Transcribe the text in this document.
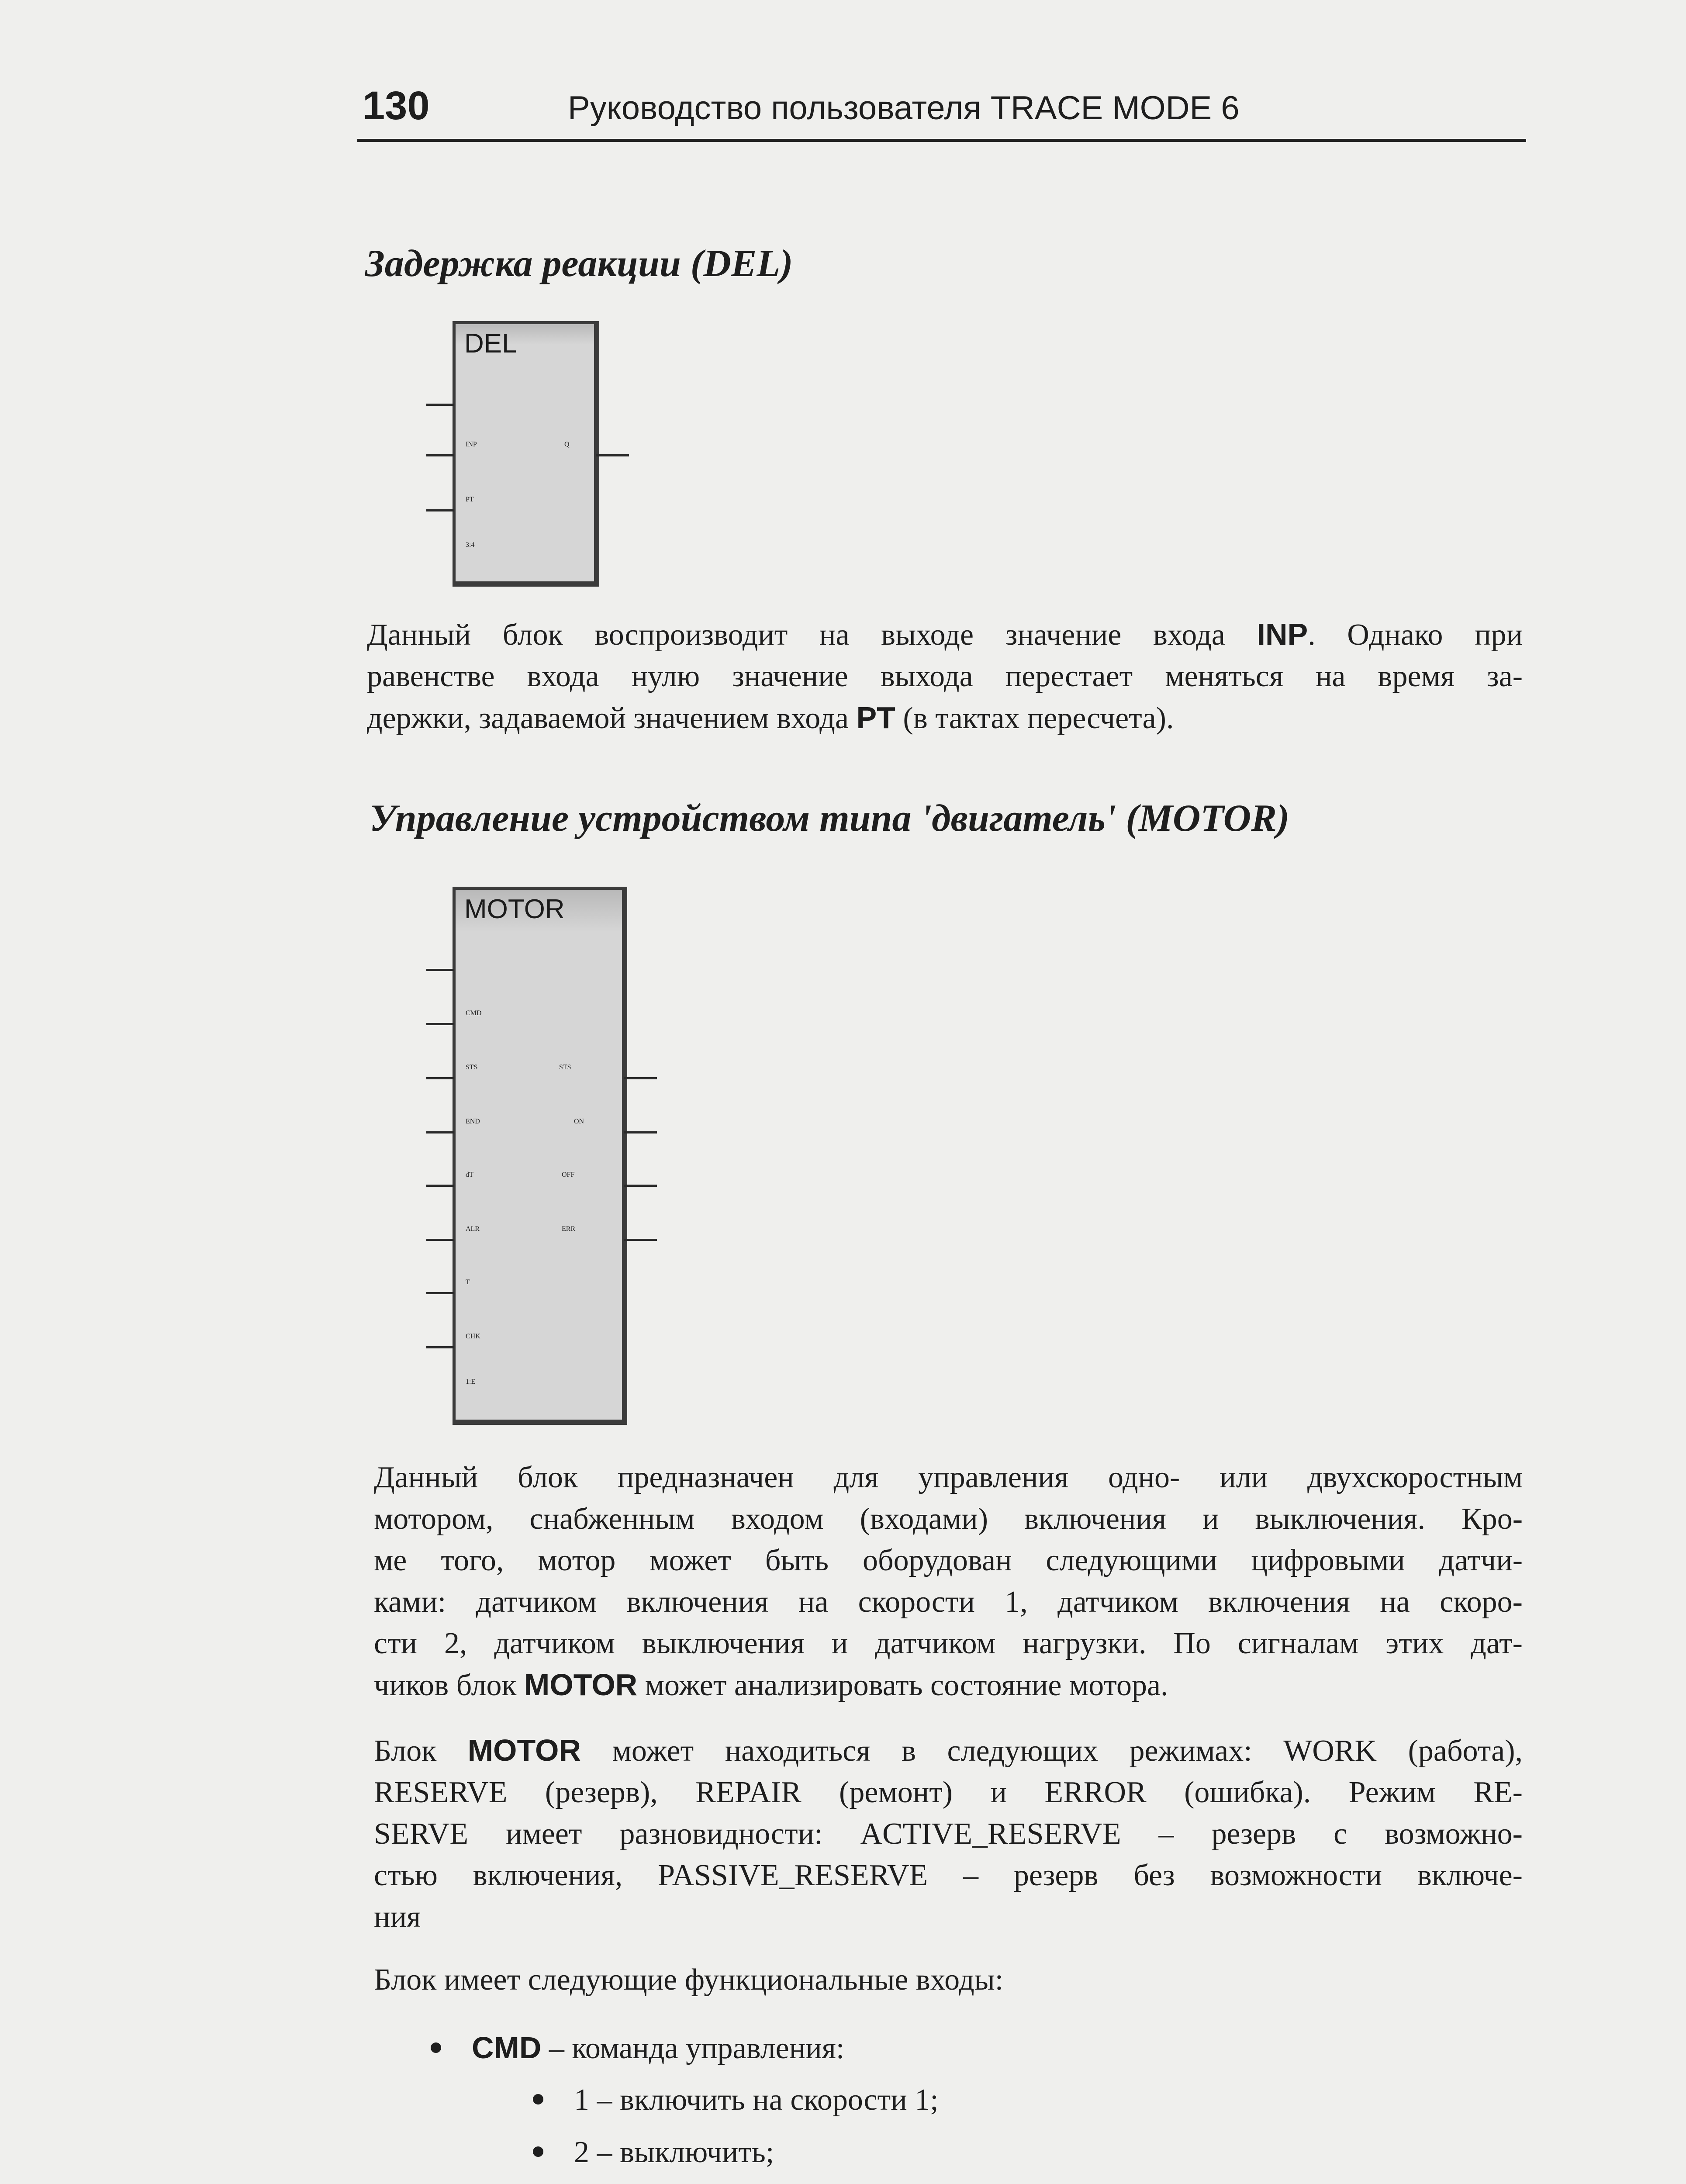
130	Руководство пользователя TRACE MODE 6
Задержка реакции (DEL)
DEL
INP	Q
PT
3:4
Данный блок воспроизводит на выходе значение входа INP. Однако при
равенстве входа нулю значение выхода перестает меняться на время за-
держки, задаваемой значением входа PT (в тактах пересчета).
Управление устройством типа 'двигатель' (MOTOR)
MOTOR
CMD
STS	STS
END	ON
dT	OFF
ALR	ERR
T
CHK
1:E
Данный блок предназначен для управления одно- или двухскоростным
мотором, снабженным входом (входами) включения и выключения. Кро-
ме того, мотор может быть оборудован следующими цифровыми датчи-
ками: датчиком включения на скорости 1, датчиком включения на скоро-
сти 2, датчиком выключения и датчиком нагрузки. По сигналам этих дат-
чиков блок MOTOR может анализировать состояние мотора.
Блок MOTOR может находиться в следующих режимах: WORK (работа),
RESERVE (резерв), REPAIR (ремонт) и ERROR (ошибка). Режим RE-
SERVE имеет разновидности: ACTIVE_RESERVE – резерв с возможно-
стью включения, PASSIVE_RESERVE – резерв без возможности включе-
ния
Блок имеет следующие функциональные входы:
CMD – команда управления:
1 – включить на скорости 1;
2 – выключить;
